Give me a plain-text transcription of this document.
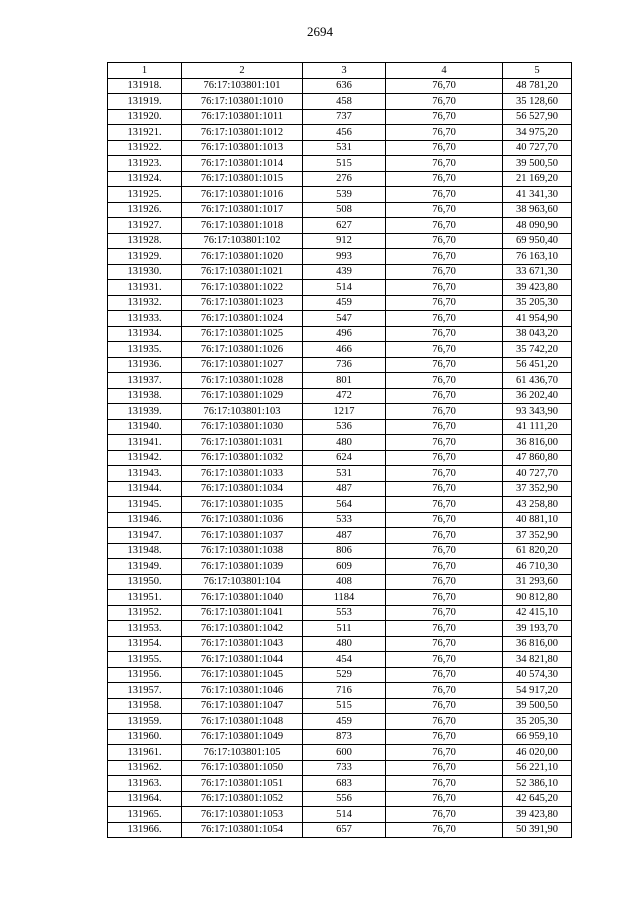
2694
1	2	3	4	5
131918.	76:17:103801:101	636	76,70	48 781,20
131919.	76:17:103801:1010	458	76,70	35 128,60
131920.	76:17:103801:1011	737	76,70	56 527,90
131921.	76:17:103801:1012	456	76,70	34 975,20
131922.	76:17:103801:1013	531	76,70	40 727,70
131923.	76:17:103801:1014	515	76,70	39 500,50
131924.	76:17:103801:1015	276	76,70	21 169,20
131925.	76:17:103801:1016	539	76,70	41 341,30
131926.	76:17:103801:1017	508	76,70	38 963,60
131927.	76:17:103801:1018	627	76,70	48 090,90
131928.	76:17:103801:102	912	76,70	69 950,40
131929.	76:17:103801:1020	993	76,70	76 163,10
131930.	76:17:103801:1021	439	76,70	33 671,30
131931.	76:17:103801:1022	514	76,70	39 423,80
131932.	76:17:103801:1023	459	76,70	35 205,30
131933.	76:17:103801:1024	547	76,70	41 954,90
131934.	76:17:103801:1025	496	76,70	38 043,20
131935.	76:17:103801:1026	466	76,70	35 742,20
131936.	76:17:103801:1027	736	76,70	56 451,20
131937.	76:17:103801:1028	801	76,70	61 436,70
131938.	76:17:103801:1029	472	76,70	36 202,40
131939.	76:17:103801:103	1217	76,70	93 343,90
131940.	76:17:103801:1030	536	76,70	41 111,20
131941.	76:17:103801:1031	480	76,70	36 816,00
131942.	76:17:103801:1032	624	76,70	47 860,80
131943.	76:17:103801:1033	531	76,70	40 727,70
131944.	76:17:103801:1034	487	76,70	37 352,90
131945.	76:17:103801:1035	564	76,70	43 258,80
131946.	76:17:103801:1036	533	76,70	40 881,10
131947.	76:17:103801:1037	487	76,70	37 352,90
131948.	76:17:103801:1038	806	76,70	61 820,20
131949.	76:17:103801:1039	609	76,70	46 710,30
131950.	76:17:103801:104	408	76,70	31 293,60
131951.	76:17:103801:1040	1184	76,70	90 812,80
131952.	76:17:103801:1041	553	76,70	42 415,10
131953.	76:17:103801:1042	511	76,70	39 193,70
131954.	76:17:103801:1043	480	76,70	36 816,00
131955.	76:17:103801:1044	454	76,70	34 821,80
131956.	76:17:103801:1045	529	76,70	40 574,30
131957.	76:17:103801:1046	716	76,70	54 917,20
131958.	76:17:103801:1047	515	76,70	39 500,50
131959.	76:17:103801:1048	459	76,70	35 205,30
131960.	76:17:103801:1049	873	76,70	66 959,10
131961.	76:17:103801:105	600	76,70	46 020,00
131962.	76:17:103801:1050	733	76,70	56 221,10
131963.	76:17:103801:1051	683	76,70	52 386,10
131964.	76:17:103801:1052	556	76,70	42 645,20
131965.	76:17:103801:1053	514	76,70	39 423,80
131966.	76:17:103801:1054	657	76,70	50 391,90
